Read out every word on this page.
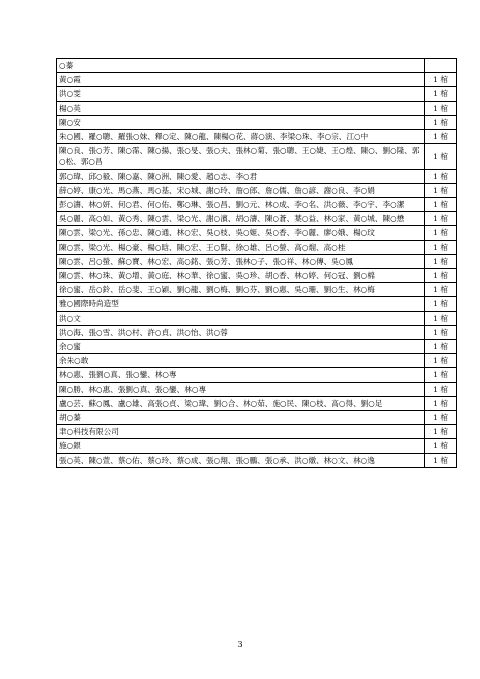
○蓁	
黃○霞	1 棺
洪○雯	1 棺
楊○英	1 棺
陳○安	1 棺
朱○國、羅○聰、羅張○妹、釋○定、陳○龍、陳楊○花、蔣○演、李梁○珠、李○宗、江○中	1 棺
陳○良、張○芳、陳○霈、陳○揚、張○旻、張○夫、張林○菊、張○聰、王○婕、王○煌、陳○、劉○隆、郭○松、郭○昌	1 棺
郭○瑋、邱○毅、陳○嘉、陳○洲、陳○愛、趙○志、李○君	1 棺
薛○婷、康○光、馬○燕、馬○基、宋○城、謝○玲、詹○郎、詹○儒、詹○諺、謝○良、李○娟	1 棺
彭○濤、林○妍、何○君、何○佑、鄭○琳、張○昌、劉○元、林○成、李○名、洪○薇、李○宇、李○潔	1 棺
吳○麗、高○如、黃○秀、陳○雲、梁○光、謝○濱、胡○濤、陳○蒼、葉○益、林○家、黃○城、陳○懋	1 棺
陳○雲、梁○光、孫○忠、陳○通、林○宏、吳○枝、吳○姬、吳○香、李○麗、廖○娥、楊○玟	1 棺
陳○雲、梁○光、楊○豪、楊○晗、陳○宏、王○賢、徐○雄、呂○螢、高○熘、高○桂	1 棺
陳○雲、呂○螢、蘇○寶、林○宏、高○銘、張○芳、張林○子、張○祥、林○傳、吳○鳳	1 棺
陳○雲、林○珠、黃○增、黃○庭、林○華、徐○蜜、吳○珍、胡○香、林○婷、何○冠、劉○棉	1 棺
徐○蜜、岳○鈴、岳○斐、王○穎、劉○龍、劉○梅、劉○芬、劉○惠、吳○珊、劉○生、林○梅	1 棺
雅○國際時尚造型	1 棺
洪○文	1 棺
洪○海、張○雪、洪○村、許○貞、洪○怡、洪○蓉	1 棺
余○蜜	1 棺
余朱○敢	1 棺
林○惠、張劉○真、張○鑾、林○專	1 棺
陳○勝、林○惠、張劉○真、張○鑾、林○專	1 棺
盧○芸、蘇○鳳、盧○雄、高張○貞、梁○瑋、劉○合、林○茹、施○民、陳○枝、高○得、劉○足	1 棺
胡○蓁	1 棺
聿○科技有限公司	1 棺
施○銀	1 棺
張○英、陳○萱、蔡○佑、蔡○玲、蔡○成、張○翔、張○鵬、張○承、洪○燉、林○文、林○逸	1 棺
3
